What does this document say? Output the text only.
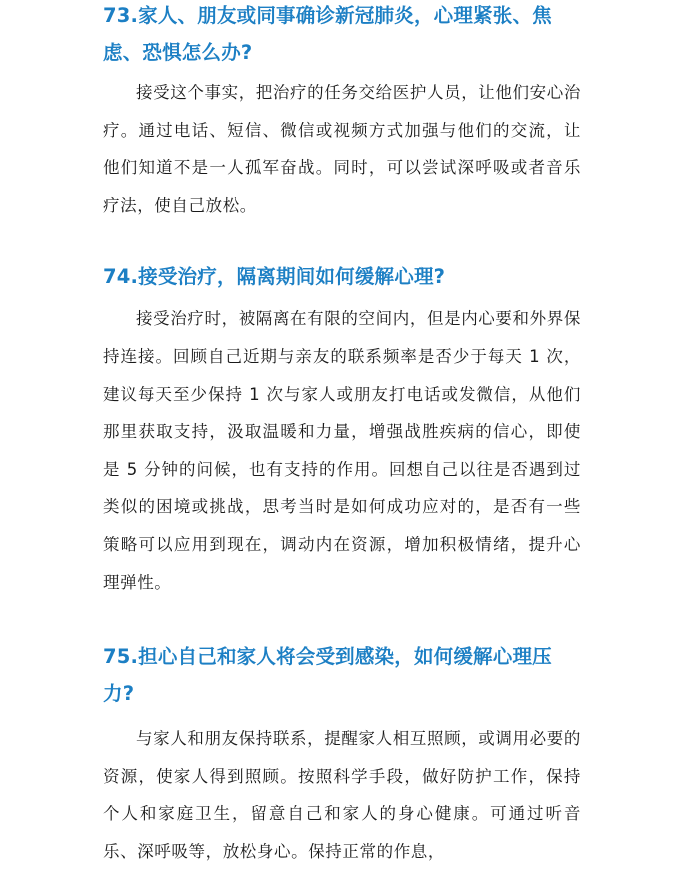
73.家人、朋友或同事确诊新冠肺炎，心理紧张、焦虑、恐惧怎么办?

接受这个事实，把治疗的任务交给医护人员，让他们安心治疗。通过电话、短信、微信或视频方式加强与他们的交流，让他们知道不是一人孤军奋战。同时，可以尝试深呼吸或者音乐疗法，使自己放松。

74.接受治疗，隔离期间如何缓解心理?

接受治疗时，被隔离在有限的空间内，但是内心要和外界保持连接。回顾自己近期与亲友的联系频率是否少于每天 1 次，建议每天至少保持 1 次与家人或朋友打电话或发微信，从他们那里获取支持，汲取温暖和力量，增强战胜疾病的信心，即使是 5 分钟的问候，也有支持的作用。回想自己以往是否遇到过类似的困境或挑战，思考当时是如何成功应对的，是否有一些策略可以应用到现在，调动内在资源，增加积极情绪，提升心理弹性。

75.担心自己和家人将会受到感染，如何缓解心理压力?

与家人和朋友保持联系，提醒家人相互照顾，或调用必要的资源，使家人得到照顾。按照科学手段，做好防护工作，保持个人和家庭卫生，留意自己和家人的身心健康。可通过听音乐、深呼吸等，放松身心。保持正常的作息，
